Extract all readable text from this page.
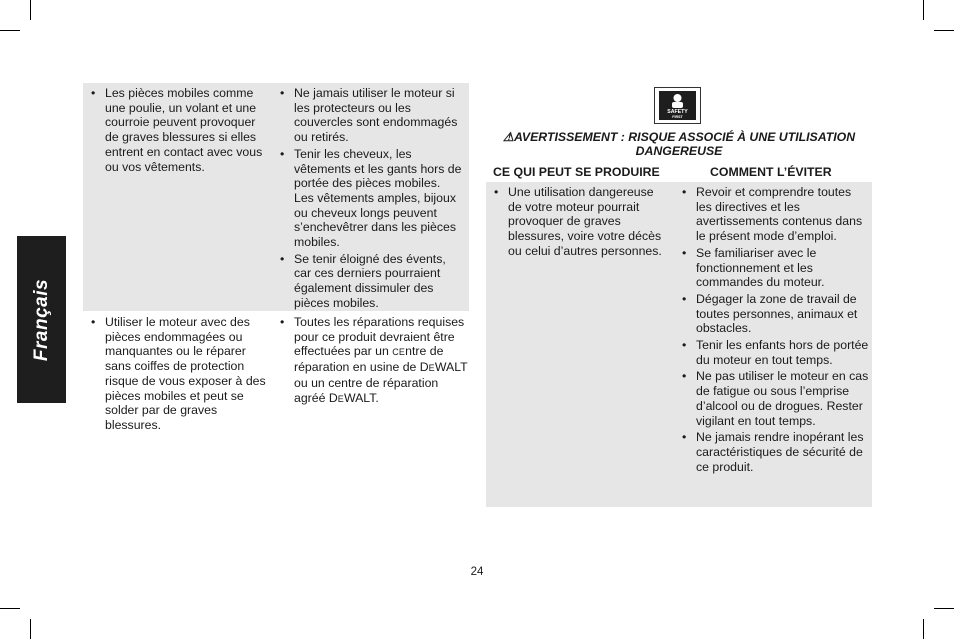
Français
• Les pièces mobiles comme une poulie, un volant et une courroie peuvent provoquer de graves blessures si elles entrent en contact avec vous ou vos vêtements.
• Ne jamais utiliser le moteur si les protecteurs ou les couvercles sont endommagés ou retirés.
• Tenir les cheveux, les vêtements et les gants hors de portée des pièces mobiles. Les vêtements amples, bijoux ou cheveux longs peuvent s’enchevêtrer dans les pièces mobiles.
• Se tenir éloigné des évents, car ces derniers pourraient également dissimuler des pièces mobiles.
• Utiliser le moteur avec des pièces endommagées ou manquantes ou le réparer sans coiffes de protection risque de vous exposer à des pièces mobiles et peut se solder par de graves blessures.
• Toutes les réparations requises pour ce produit devraient être effectuées par un CEntre de réparation en usine de DEWALT ou un centre de réparation agréé DEWALT.
SAFETY
FIRST
⚠AVERTISSEMENT : RISQUE ASSOCIÉ À UNE UTILISATION DANGEREUSE
CE QUI PEUT SE PRODUIRE	COMMENT L’ÉVITER
• Une utilisation dangereuse de votre moteur pourrait provoquer de graves blessures, voire votre décès ou celui d’autres personnes.
• Revoir et comprendre toutes les directives et les avertissements contenus dans le présent mode d’emploi.
• Se familiariser avec le fonctionnement et les commandes du moteur.
• Dégager la zone de travail de toutes personnes, animaux et obstacles.
• Tenir les enfants hors de portée du moteur en tout temps.
• Ne pas utiliser le moteur en cas de fatigue ou sous l’emprise d’alcool ou de drogues. Rester vigilant en tout temps.
• Ne jamais rendre inopérant les caractéristiques de sécurité de ce produit.
24
